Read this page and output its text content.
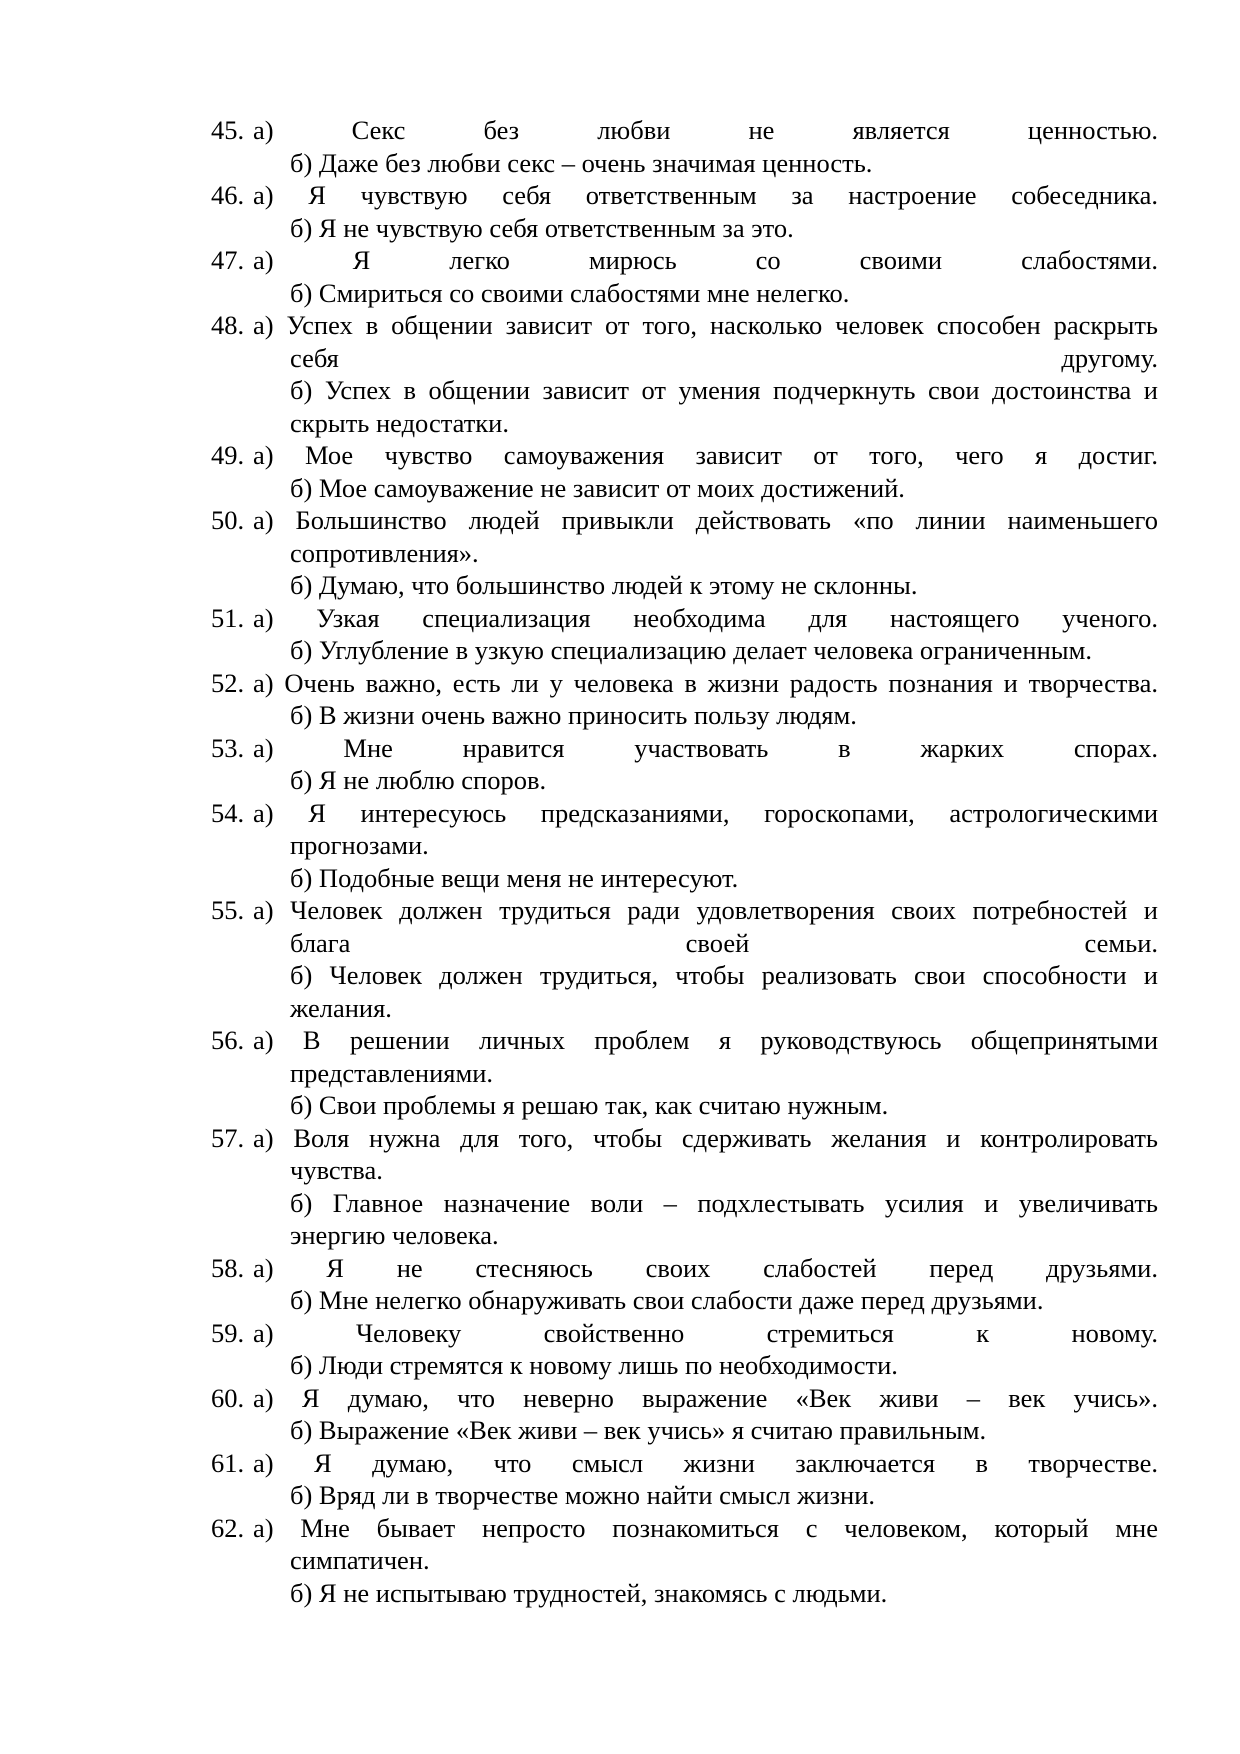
45. а) Секс без любви не является ценностью.
б) Даже без любви секс – очень значимая ценность.
46. а) Я чувствую себя ответственным за настроение собеседника.
б) Я не чувствую себя ответственным за это.
47. а) Я легко мирюсь со своими слабостями.
б) Смириться со своими слабостями мне нелегко.
48. а) Успех в общении зависит от того, насколько человек способен раскрыть
себя другому.
б) Успех в общении зависит от умения подчеркнуть свои достоинства и
скрыть недостатки.
49. а) Мое чувство самоуважения зависит от того, чего я достиг.
б) Мое самоуважение не зависит от моих достижений.
50. а) Большинство людей привыкли действовать «по линии наименьшего
сопротивления».
б) Думаю, что большинство людей к этому не склонны.
51. а) Узкая специализация необходима для настоящего ученого.
б) Углубление в узкую специализацию делает человека ограниченным.
52. а) Очень важно, есть ли у человека в жизни радость познания и творчества.
б) В жизни очень важно приносить пользу людям.
53. а) Мне нравится участвовать в жарких спорах.
б) Я не люблю споров.
54. а) Я интересуюсь предсказаниями, гороскопами, астрологическими
прогнозами.
б) Подобные вещи меня не интересуют.
55. а) Человек должен трудиться ради удовлетворения своих потребностей и
блага своей семьи.
б) Человек должен трудиться, чтобы реализовать свои способности и
желания.
56. а) В решении личных проблем я руководствуюсь общепринятыми
представлениями.
б) Свои проблемы я решаю так, как считаю нужным.
57. а) Воля нужна для того, чтобы сдерживать желания и контролировать
чувства.
б) Главное назначение воли – подхлестывать усилия и увеличивать
энергию человека.
58. а) Я не стесняюсь своих слабостей перед друзьями.
б) Мне нелегко обнаруживать свои слабости даже перед друзьями.
59. а) Человеку свойственно стремиться к новому.
б) Люди стремятся к новому лишь по необходимости.
60. а) Я думаю, что неверно выражение «Век живи – век учись».
б) Выражение «Век живи – век учись» я считаю правильным.
61. а) Я думаю, что смысл жизни заключается в творчестве.
б) Вряд ли в творчестве можно найти смысл жизни.
62. а) Мне бывает непросто познакомиться с человеком, который мне
симпатичен.
б) Я не испытываю трудностей, знакомясь с людьми.
